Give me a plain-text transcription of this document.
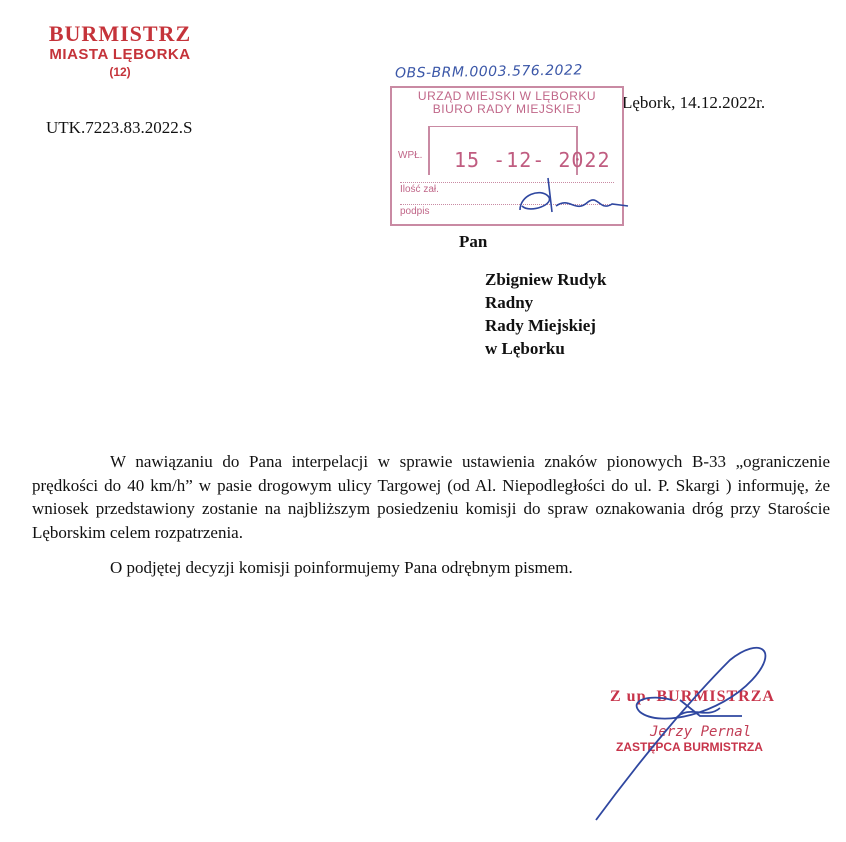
BURMISTRZ
MIASTA LĘBORKA
(12)
UTK.7223.83.2022.S
Lębork, 14.12.2022r.
OBS-BRM.0003.576.2022
URZĄD MIEJSKI W LĘBORKU
BIURO RADY MIEJSKIEJ
WPŁ. 15 -12- 2022
Ilość zał.
podpis
Pan
Zbigniew Rudyk
Radny
Rady Miejskiej
w Lęborku

W nawiązaniu do Pana interpelacji w sprawie ustawienia znaków pionowych B-33 „ograniczenie prędkości do 40 km/h” w pasie drogowym ulicy Targowej (od Al. Niepodległości do ul. P. Skargi ) informuję, że wniosek przedstawiony zostanie na najbliższym posiedzeniu komisji do spraw oznakowania dróg przy Staroście Lęborskim celem rozpatrzenia.

O podjętej decyzji komisji poinformujemy Pana odrębnym pismem.

Z up. BURMISTRZA
Jerzy Pernal
ZASTĘPCA BURMISTRZA
